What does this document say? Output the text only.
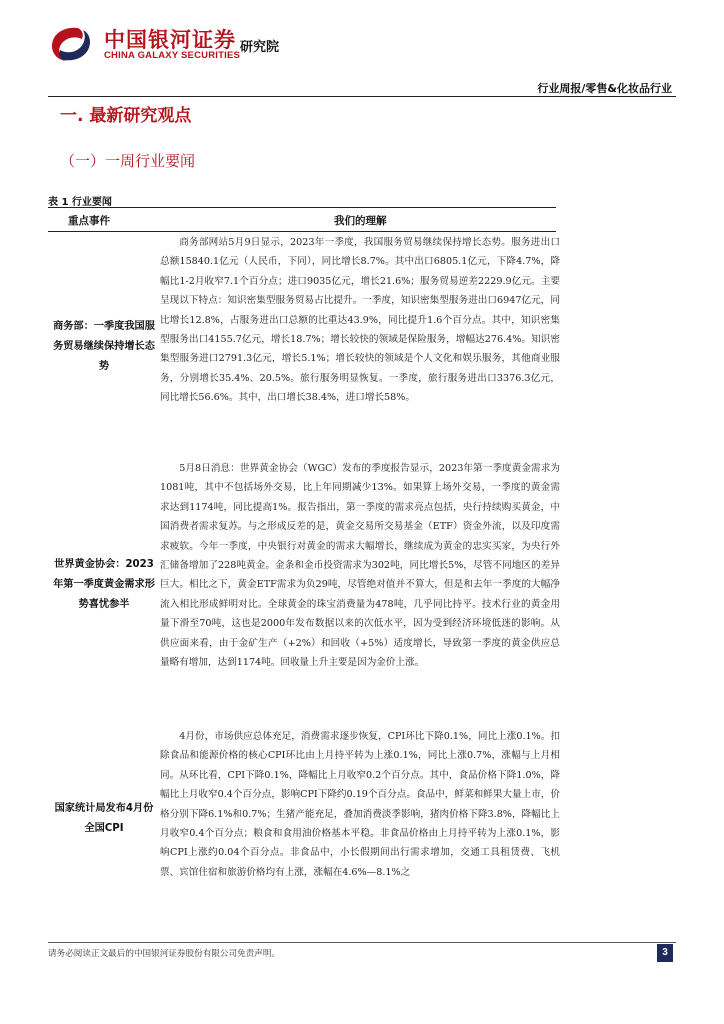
中国银河证券
CHINA GALAXY SECURITIES
研究院
行业周报/零售&化妆品行业
一. 最新研究观点
（一）一周行业要闻
表 1 行业要闻
重点事件	我们的理解
商务部：一季度我国服务贸易继续保持增长态势
商务部网站5月9日显示，2023年一季度，我国服务贸易继续保持增长态势。服务进出口总额15840.1亿元（人民币，下同），同比增长8.7%。其中出口6805.1亿元，下降4.7%，降幅比1-2月收窄7.1个百分点；进口9035亿元，增长21.6%；服务贸易逆差2229.9亿元。主要呈现以下特点：知识密集型服务贸易占比提升。一季度，知识密集型服务进出口6947亿元，同比增长12.8%，占服务进出口总额的比重达43.9%，同比提升1.6个百分点。其中，知识密集型服务出口4155.7亿元，增长18.7%；增长较快的领域是保险服务，增幅达276.4%。知识密集型服务进口2791.3亿元，增长5.1%；增长较快的领域是个人文化和娱乐服务，其他商业服务，分别增长35.4%、20.5%。旅行服务明显恢复。一季度，旅行服务进出口3376.3亿元，同比增长56.6%。其中，出口增长38.4%，进口增长58%。
世界黄金协会：2023年第一季度黄金需求形势喜忧参半
5月8日消息：世界黄金协会（WGC）发布的季度报告显示，2023年第一季度黄金需求为1081吨，其中不包括场外交易，比上年同期减少13%。如果算上场外交易，一季度的黄金需求达到1174吨，同比提高1%。报告指出，第一季度的需求亮点包括，央行持续购买黄金，中国消费者需求复苏。与之形成反差的是，黄金交易所交易基金（ETF）资金外流，以及印度需求疲软。今年一季度，中央银行对黄金的需求大幅增长，继续成为黄金的忠实买家，为央行外汇储备增加了228吨黄金。金条和金币投资需求为302吨，同比增长5%，尽管不同地区的差异巨大。相比之下，黄金ETF需求为负29吨，尽管绝对值并不算大，但是和去年一季度的大幅净流入相比形成鲜明对比。全球黄金的珠宝消费量为478吨，几乎同比持平。技术行业的黄金用量下滑至70吨，这也是2000年发布数据以来的次低水平，因为受到经济环境低迷的影响。从供应面来看，由于金矿生产（+2%）和回收（+5%）适度增长，导致第一季度的黄金供应总量略有增加，达到1174吨。回收量上升主要是因为金价上涨。
国家统计局发布4月份全国CPI
4月份，市场供应总体充足，消费需求逐步恢复，CPI环比下降0.1%，同比上涨0.1%。扣除食品和能源价格的核心CPI环比由上月持平转为上涨0.1%，同比上涨0.7%，涨幅与上月相同。从环比看，CPI下降0.1%，降幅比上月收窄0.2个百分点。其中，食品价格下降1.0%，降幅比上月收窄0.4个百分点，影响CPI下降约0.19个百分点。食品中，鲜菜和鲜果大量上市，价格分别下降6.1%和0.7%；生猪产能充足，叠加消费淡季影响，猪肉价格下降3.8%，降幅比上月收窄0.4个百分点；粮食和食用油价格基本平稳。非食品价格由上月持平转为上涨0.1%，影响CPI上涨约0.04个百分点。非食品中，小长假期间出行需求增加，交通工具租赁费、飞机票、宾馆住宿和旅游价格均有上涨，涨幅在4.6%—8.1%之
请务必阅读正文最后的中国银河证券股份有限公司免责声明。	3
